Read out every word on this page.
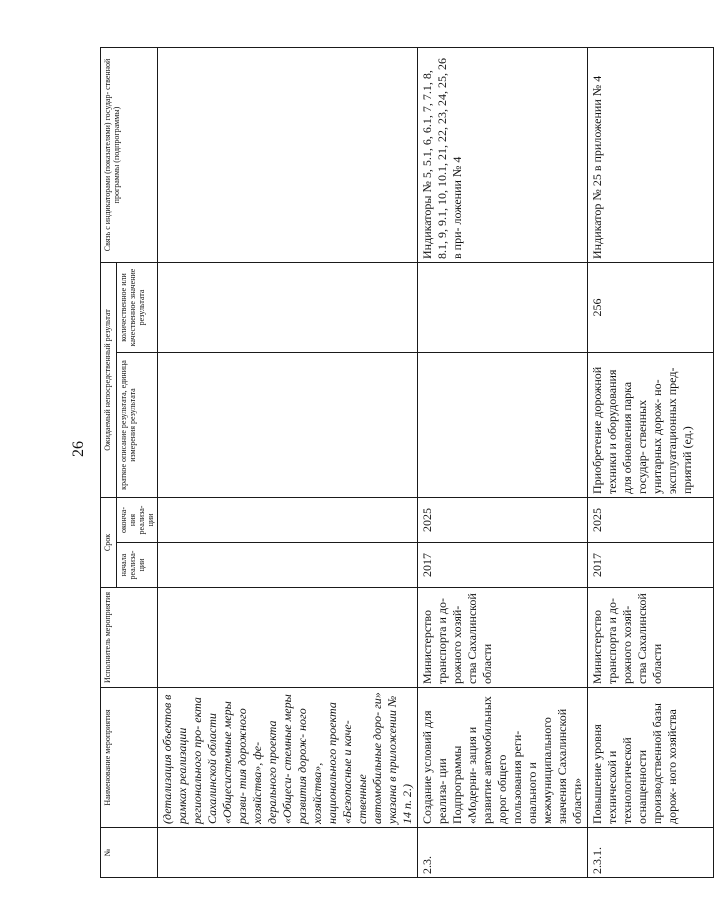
26
№	Наименование мероприятия	Исполнитель мероприятия	Срок		Ожидаемый непосредственный результат		Связь с индикаторами (показателями) государ- ственной программы (подпрограммы)
			начала реализа- ции	оконча- ния реализа- ции	краткое описание результата, единица измерения результата	количественное или качественное значение результата	
	(детализация объектов в рамках реализации регионального про- екта Сахалинской области «Общесистемные меры разви- тия дорожного хозяйства», фе- дерального проекта «Общеси- стемные меры развития дорож- ного хозяйства», национального проекта «Безопасные и каче- ственные автомобильные доро- ги» указана в приложении № 14 п. 2.)						
2.3.	Создание условий для реализа- ции Подпрограммы «Модерни- зация и развитие автомобильных дорог общего пользования реги- онального и межмуниципального значения Сахалинской области»	Министерство транспорта и до- рожного хозяй- ства Сахалинской области	2017	2025			Индикаторы № 5, 5.1, 6, 6.1, 7, 7.1, 8, 8.1, 9, 9.1, 10, 10.1, 21, 22, 23, 24, 25, 26 в при- ложении № 4
2.3.1.	Повышение уровня технической и технологической оснащенности производственной базы дорож- ного хозяйства	Министерство транспорта и до- рожного хозяй- ства Сахалинской области	2017	2025	Приобретение дорожной техники и оборудования для обновления парка государ- ственных унитарных дорож- но-эксплуатационных пред- приятий (ед.)	256	Индикатор № 25 в приложении № 4
